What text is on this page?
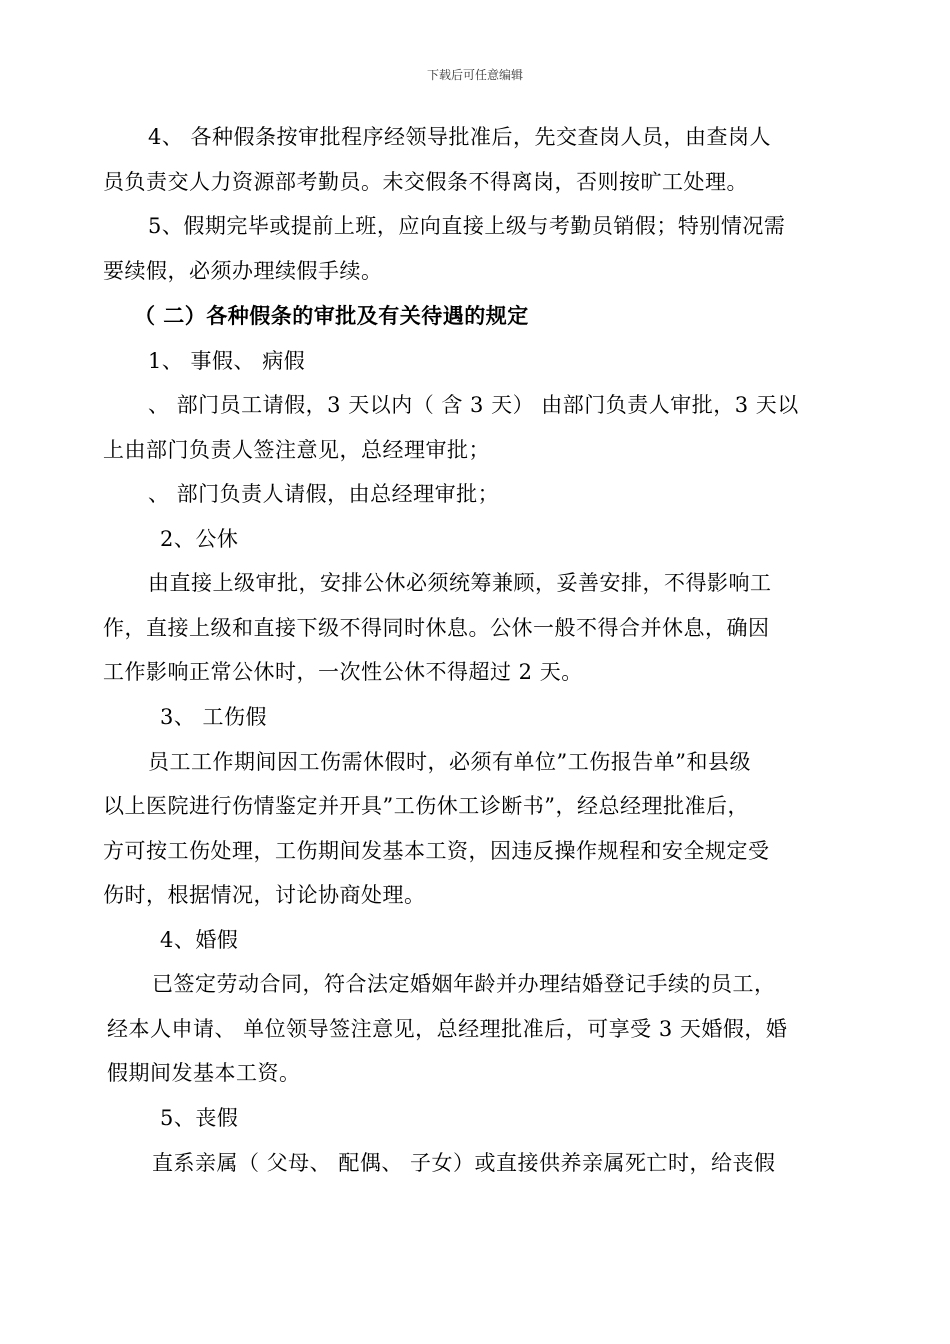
下载后可任意编辑
4、 各种假条按审批程序经领导批准后，先交查岗人员，由查岗人
员负责交人力资源部考勤员。未交假条不得离岗，否则按旷工处理。
5、假期完毕或提前上班，应向直接上级与考勤员销假；特别情况需
要续假，必须办理续假手续。
（ 二）各种假条的审批及有关待遇的规定
1、 事假、 病假
、 部门员工请假，3 天以内（ 含 3 天） 由部门负责人审批，3 天以
上由部门负责人签注意见，总经理审批；
、 部门负责人请假，由总经理审批；
2、公休
由直接上级审批，安排公休必须统筹兼顾，妥善安排，不得影响工
作，直接上级和直接下级不得同时休息。公休一般不得合并休息，确因
工作影响正常公休时，一次性公休不得超过 2 天。
3、 工伤假
员工工作期间因工伤需休假时，必须有单位”工伤报告单”和县级
以上医院进行伤情鉴定并开具”工伤休工诊断书”，经总经理批准后，
方可按工伤处理，工伤期间发基本工资，因违反操作规程和安全规定受
伤时，根据情况，讨论协商处理。
4、婚假
已签定劳动合同，符合法定婚姻年龄并办理结婚登记手续的员工，
经本人申请、 单位领导签注意见，总经理批准后，可享受 3 天婚假，婚
假期间发基本工资。
5、丧假
直系亲属（ 父母、 配偶、 子女）或直接供养亲属死亡时，给丧假
